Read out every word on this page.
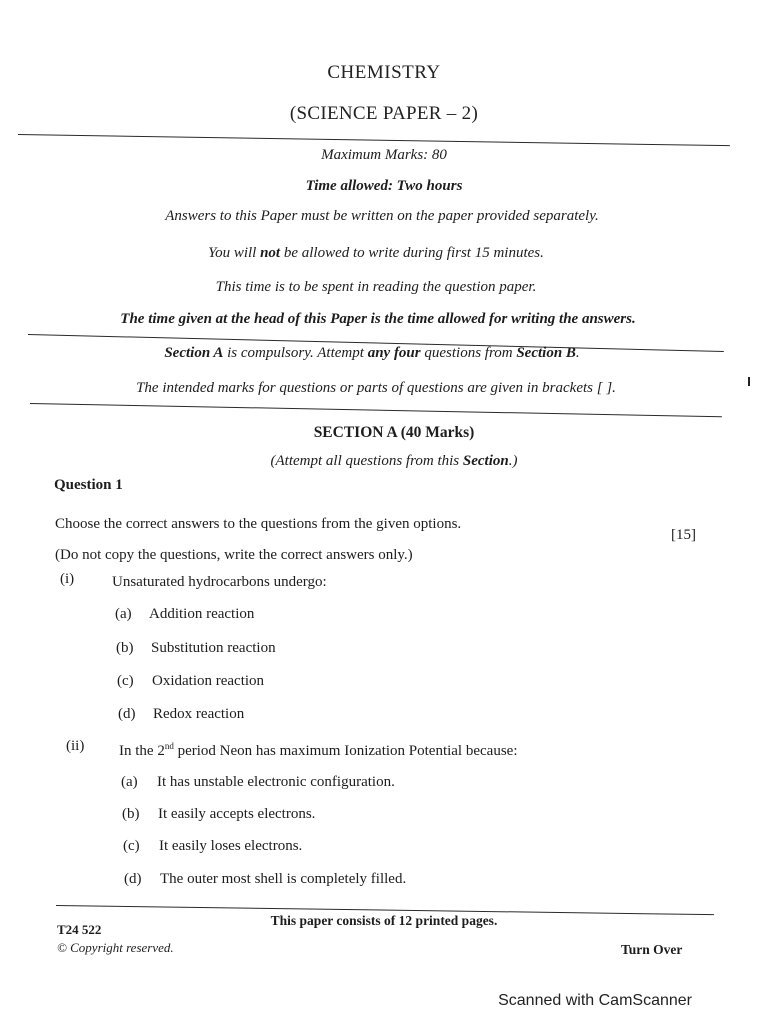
CHEMISTRY
(SCIENCE PAPER – 2)
Maximum Marks: 80
Time allowed: Two hours
Answers to this Paper must be written on the paper provided separately.
You will not be allowed to write during first 15 minutes.
This time is to be spent in reading the question paper.
The time given at the head of this Paper is the time allowed for writing the answers.
Section A is compulsory. Attempt any four questions from Section B.
The intended marks for questions or parts of questions are given in brackets [ ].
SECTION A (40 Marks)
(Attempt all questions from this Section.)
Question 1
Choose the correct answers to the questions from the given options.
[15]
(Do not copy the questions, write the correct answers only.)
(i)	Unsaturated hydrocarbons undergo:
(a) Addition reaction
(b) Substitution reaction
(c) Oxidation reaction
(d) Redox reaction
(ii) In the 2nd period Neon has maximum Ionization Potential because:
(a) It has unstable electronic configuration.
(b) It easily accepts electrons.
(c) It easily loses electrons.
(d) The outer most shell is completely filled.
This paper consists of 12 printed pages.
T24 522
© Copyright reserved.	Turn Over
Scanned with CamScanner
